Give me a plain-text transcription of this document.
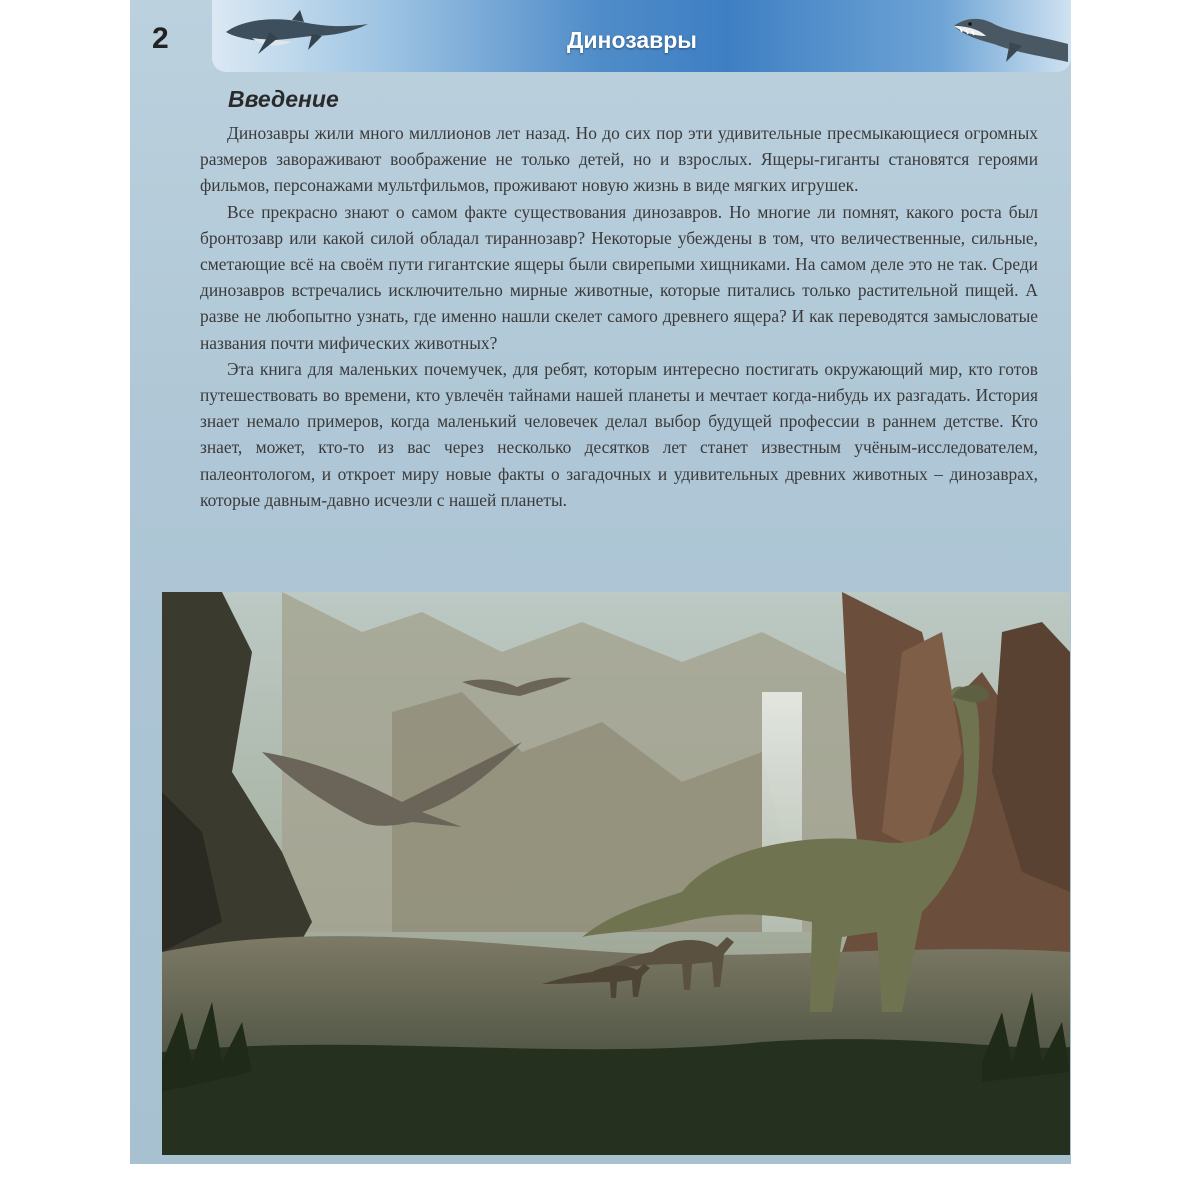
2	Динозавры
Введение

Динозавры жили много миллионов лет назад. Но до сих пор эти удивительные пресмыкающиеся огромных размеров завораживают воображение не только детей, но и взрослых. Ящеры-гиганты становятся героями фильмов, персонажами мультфильмов, проживают новую жизнь в виде мягких игрушек.

Все прекрасно знают о самом факте существования динозавров. Но многие ли помнят, какого роста был бронтозавр или какой силой обладал тираннозавр? Некоторые убеждены в том, что величественные, сильные, сметающие всё на своём пути гигантские ящеры были свирепыми хищниками. На самом деле это не так. Среди динозавров встречались исключительно мирные животные, которые питались только растительной пищей. А разве не любопытно узнать, где именно нашли скелет самого древнего ящера? И как переводятся замысловатые названия почти мифических животных?

Эта книга для маленьких почемучек, для ребят, которым интересно постигать окружающий мир, кто готов путешествовать во времени, кто увлечён тайнами нашей планеты и мечтает когда-нибудь их разгадать. История знает немало примеров, когда маленький человечек делал выбор будущей профессии в раннем детстве. Кто знает, может, кто-то из вас через несколько десятков лет станет известным учёным-исследователем, палеонтологом, и откроет миру новые факты о загадочных и удивительных древних животных – динозаврах, которые давным-давно исчезли с нашей планеты.
